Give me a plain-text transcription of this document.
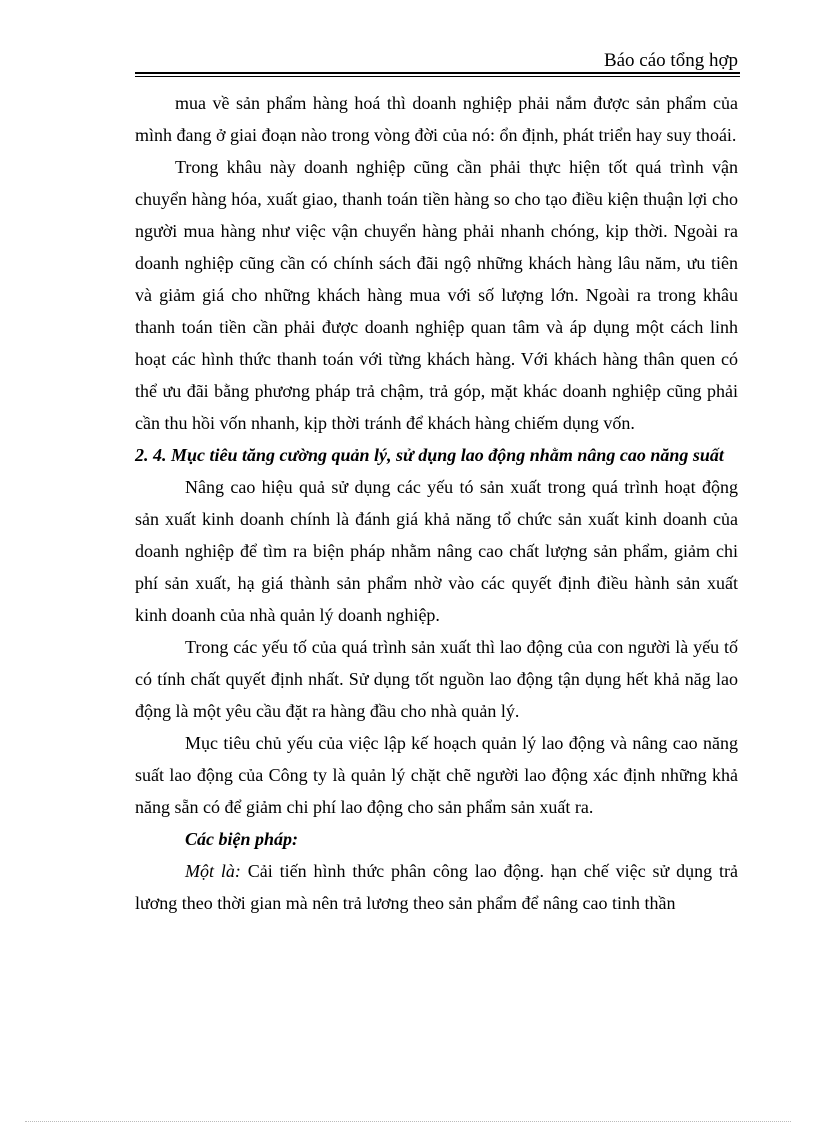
Báo cáo tổng hợp

mua về sản phẩm hàng hoá thì doanh nghiệp phải nắm được sản phẩm của mình đang ở giai đoạn nào trong vòng đời của nó: ổn định, phát triển hay suy thoái.

Trong khâu này doanh nghiệp cũng cần phải thực hiện tốt quá trình vận chuyển hàng hóa, xuất giao, thanh toán tiền hàng so cho tạo điều kiện thuận lợi cho người mua hàng như việc vận chuyển hàng phải nhanh chóng, kịp thời. Ngoài ra doanh nghiệp cũng cần có chính sách đãi ngộ những khách hàng lâu năm, ưu tiên và giảm giá cho những khách hàng mua với số lượng lớn. Ngoài ra trong khâu thanh toán tiền cần phải được doanh nghiệp quan tâm và áp dụng một cách linh hoạt các hình thức thanh toán với từng khách hàng. Với khách hàng thân quen có thể ưu đãi bằng phương pháp trả chậm, trả góp, mặt khác doanh nghiệp cũng phải cần thu hồi vốn nhanh, kịp thời tránh để khách hàng chiếm dụng vốn.

2. 4. Mục tiêu tăng cường quản lý, sử dụng lao động nhằm nâng cao năng suất

Nâng cao hiệu quả sử dụng các yếu tó sản xuất trong quá trình hoạt động sản xuất kinh doanh chính là đánh giá khả năng tổ chức sản xuất kinh doanh của doanh nghiệp để tìm ra biện pháp nhằm nâng cao chất lượng sản phẩm, giảm chi phí sản xuất, hạ giá thành sản phẩm nhờ vào các quyết định điều hành sản xuất kinh doanh của nhà quản lý doanh nghiệp.

Trong các yếu tố của quá trình sản xuất thì lao động của con người là yếu tố có tính chất quyết định nhất. Sử dụng tốt nguồn lao động tận dụng hết khả năg lao động là một yêu cầu đặt ra hàng đầu cho nhà quản lý.

Mục tiêu chủ yếu của việc lập kế hoạch quản lý lao động và nâng cao năng suất lao động của Công ty là quản lý chặt chẽ người lao động xác định những khả năng sẵn có để giảm chi phí lao động cho sản phẩm sản xuất ra.

Các biện pháp:

Một là: Cải tiến hình thức phân công lao động. hạn chế việc sử dụng trả lương theo thời gian mà nên trả lương theo sản phẩm để nâng cao tinh thần
